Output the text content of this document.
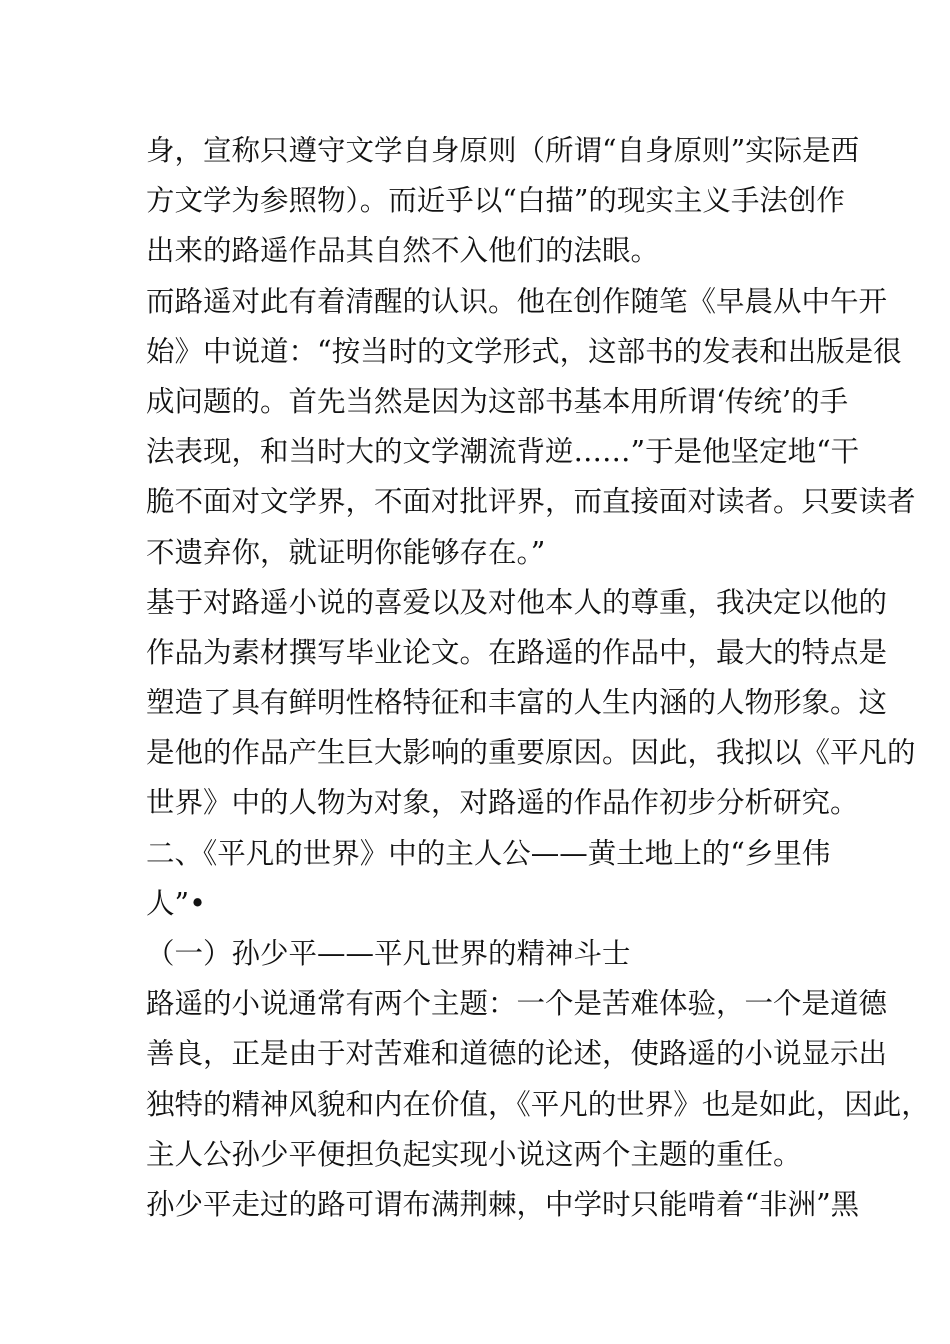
身，宣称只遵守文学自身原则（所谓“自身原则”实际是西
方文学为参照物）。而近乎以“白描”的现实主义手法创作
出来的路遥作品其自然不入他们的法眼。
而路遥对此有着清醒的认识。他在创作随笔《早晨从中午开
始》中说道：“按当时的文学形式，这部书的发表和出版是很
成问题的。首先当然是因为这部书基本用所谓‘传统’的手
法表现，和当时大的文学潮流背逆……”于是他坚定地“干
脆不面对文学界，不面对批评界，而直接面对读者。只要读者
不遗弃你，就证明你能够存在。”
基于对路遥小说的喜爱以及对他本人的尊重，我决定以他的
作品为素材撰写毕业论文。在路遥的作品中，最大的特点是
塑造了具有鲜明性格特征和丰富的人生内涵的人物形象。这
是他的作品产生巨大影响的重要原因。因此，我拟以《平凡的
世界》中的人物为对象，对路遥的作品作初步分析研究。
二、《平凡的世界》中的主人公——黄土地上的“乡里伟
人”•
（一）孙少平——平凡世界的精神斗士
路遥的小说通常有两个主题：一个是苦难体验，一个是道德
善良，正是由于对苦难和道德的论述，使路遥的小说显示出
独特的精神风貌和内在价值，《平凡的世界》也是如此，因此，
主人公孙少平便担负起实现小说这两个主题的重任。
孙少平走过的路可谓布满荆棘，中学时只能啃着“非洲”黑
